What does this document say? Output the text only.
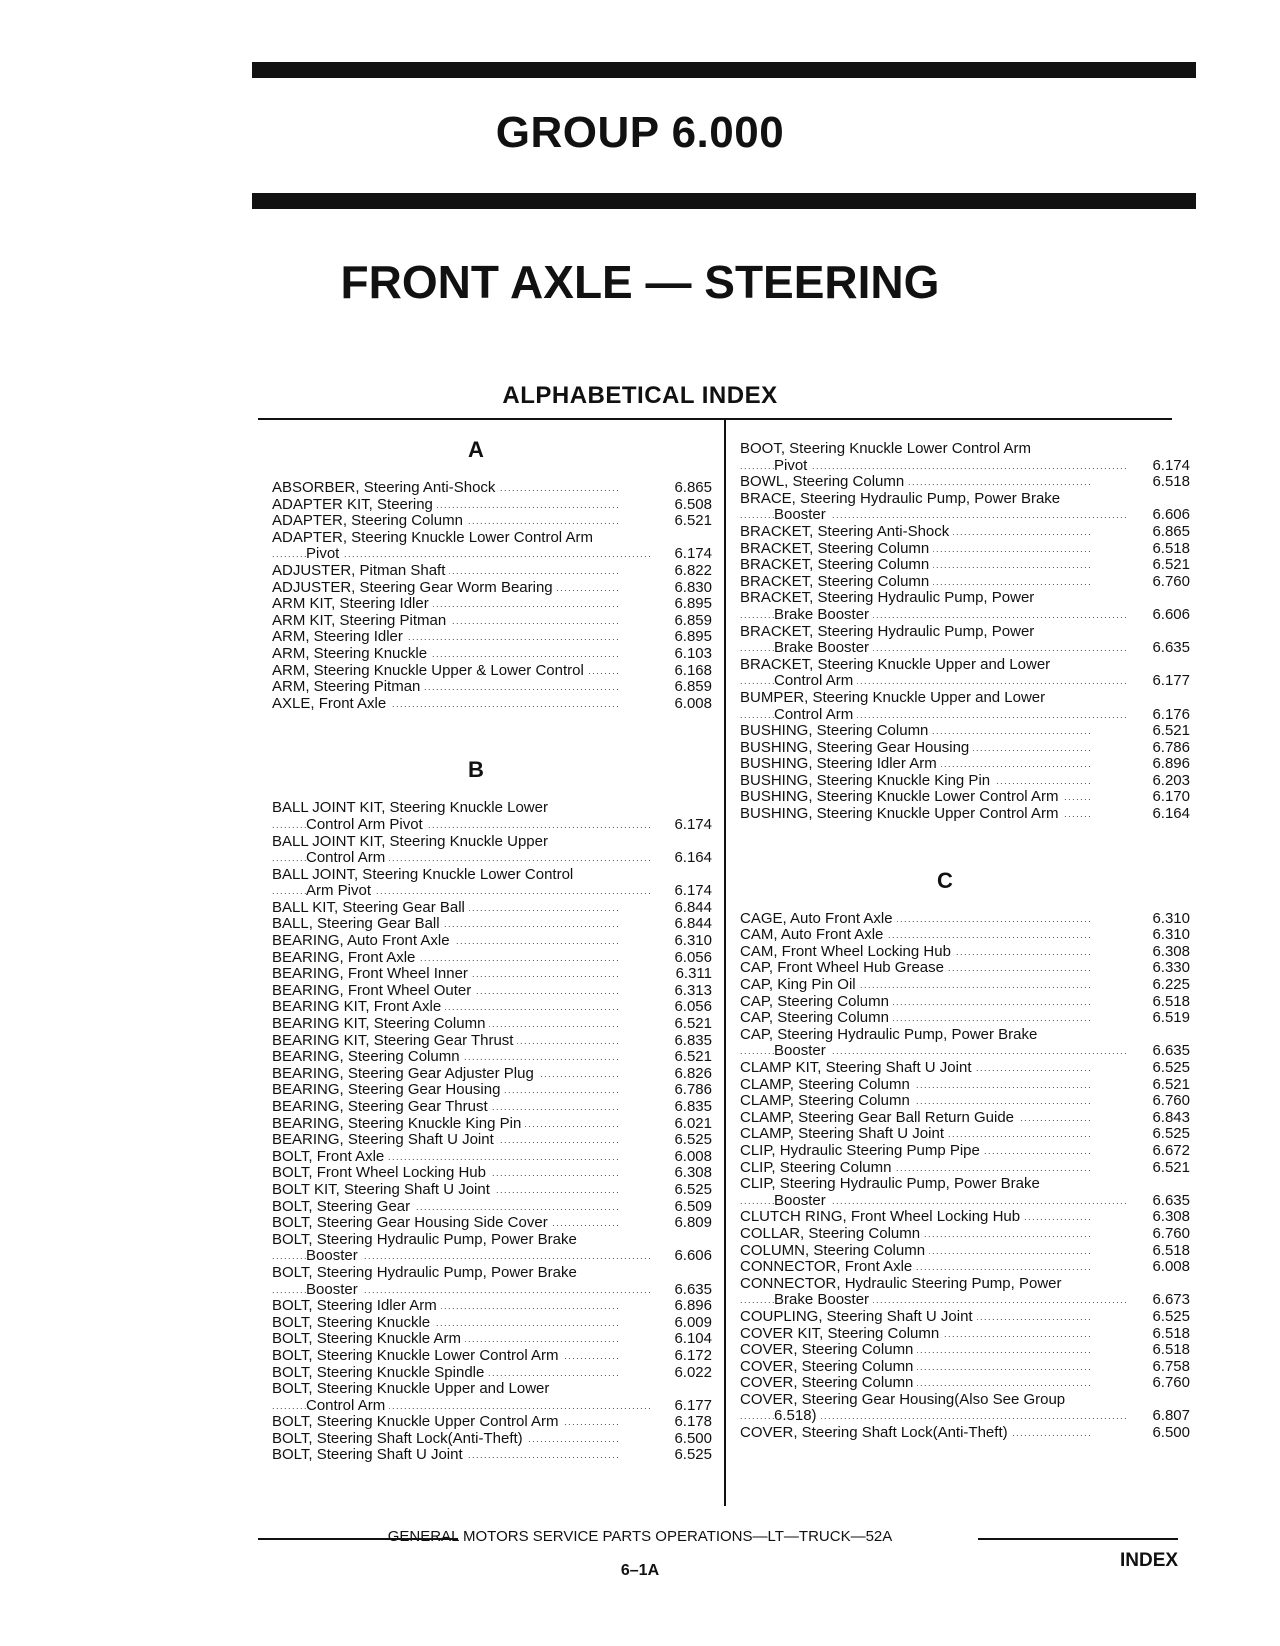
GROUP 6.000
FRONT AXLE — STEERING
ALPHABETICAL INDEX
A
ABSORBER, Steering Anti-Shock . . .	6.865
ADAPTER KIT, Steering . . .	6.508
ADAPTER, Steering Column . . .	6.521
ADAPTER, Steering Knuckle Lower Control Arm
Pivot . . .	6.174
ADJUSTER, Pitman Shaft . . .	6.822
ADJUSTER, Steering Gear Worm Bearing . . .	6.830
ARM KIT, Steering Idler . . .	6.895
ARM KIT, Steering Pitman . . .	6.859
ARM, Steering Idler . . .	6.895
ARM, Steering Knuckle . . .	6.103
ARM, Steering Knuckle Upper & Lower Control . . .	6.168
ARM, Steering Pitman . . .	6.859
AXLE, Front Axle . . .	6.008
B
BALL JOINT KIT, Steering Knuckle Lower
Control Arm Pivot . . .	6.174
BALL JOINT KIT, Steering Knuckle Upper
Control Arm . . .	6.164
BALL JOINT, Steering Knuckle Lower Control
Arm Pivot . . .	6.174
BALL KIT, Steering Gear Ball . . .	6.844
BALL, Steering Gear Ball . . .	6.844
BEARING, Auto Front Axle . . .	6.310
BEARING, Front Axle . . .	6.056
BEARING, Front Wheel Inner . . .	6.311
BEARING, Front Wheel Outer . . .	6.313
BEARING KIT, Front Axle . . .	6.056
BEARING KIT, Steering Column . . .	6.521
BEARING KIT, Steering Gear Thrust . . .	6.835
BEARING, Steering Column . . .	6.521
BEARING, Steering Gear Adjuster Plug . . .	6.826
BEARING, Steering Gear Housing . . .	6.786
BEARING, Steering Gear Thrust . . .	6.835
BEARING, Steering Knuckle King Pin . . .	6.021
BEARING, Steering Shaft U Joint . . .	6.525
BOLT, Front Axle . . .	6.008
BOLT, Front Wheel Locking Hub . . .	6.308
BOLT KIT, Steering Shaft U Joint . . .	6.525
BOLT, Steering Gear . . .	6.509
BOLT, Steering Gear Housing Side Cover . . .	6.809
BOLT, Steering Hydraulic Pump, Power Brake
Booster . . .	6.606
BOLT, Steering Hydraulic Pump, Power Brake
Booster . . .	6.635
BOLT, Steering Idler Arm . . .	6.896
BOLT, Steering Knuckle . . .	6.009
BOLT, Steering Knuckle Arm . . .	6.104
BOLT, Steering Knuckle Lower Control Arm . . .	6.172
BOLT, Steering Knuckle Spindle . . .	6.022
BOLT, Steering Knuckle Upper and Lower
Control Arm . . .	6.177
BOLT, Steering Knuckle Upper Control Arm . . .	6.178
BOLT, Steering Shaft Lock(Anti-Theft) . . .	6.500
BOLT, Steering Shaft U Joint . . .	6.525
BOOT, Steering Knuckle Lower Control Arm
Pivot . . .	6.174
BOWL, Steering Column . . .	6.518
BRACE, Steering Hydraulic Pump, Power Brake
Booster . . .	6.606
BRACKET, Steering Anti-Shock . . .	6.865
BRACKET, Steering Column . . .	6.518
BRACKET, Steering Column . . .	6.521
BRACKET, Steering Column . . .	6.760
BRACKET, Steering Hydraulic Pump, Power
Brake Booster . . .	6.606
BRACKET, Steering Hydraulic Pump, Power
Brake Booster . . .	6.635
BRACKET, Steering Knuckle Upper and Lower
Control Arm . . .	6.177
BUMPER, Steering Knuckle Upper and Lower
Control Arm . . .	6.176
BUSHING, Steering Column . . .	6.521
BUSHING, Steering Gear Housing . . .	6.786
BUSHING, Steering Idler Arm . . .	6.896
BUSHING, Steering Knuckle King Pin . . .	6.203
BUSHING, Steering Knuckle Lower Control Arm . . .	6.170
BUSHING, Steering Knuckle Upper Control Arm . . .	6.164
C
CAGE, Auto Front Axle . . .	6.310
CAM, Auto Front Axle . . .	6.310
CAM, Front Wheel Locking Hub . . .	6.308
CAP, Front Wheel Hub Grease . . .	6.330
CAP, King Pin Oil . . .	6.225
CAP, Steering Column . . .	6.518
CAP, Steering Column . . .	6.519
CAP, Steering Hydraulic Pump, Power Brake
Booster . . .	6.635
CLAMP KIT, Steering Shaft U Joint . . .	6.525
CLAMP, Steering Column . . .	6.521
CLAMP, Steering Column . . .	6.760
CLAMP, Steering Gear Ball Return Guide . . .	6.843
CLAMP, Steering Shaft U Joint . . .	6.525
CLIP, Hydraulic Steering Pump Pipe . . .	6.672
CLIP, Steering Column . . .	6.521
CLIP, Steering Hydraulic Pump, Power Brake
Booster . . .	6.635
CLUTCH RING, Front Wheel Locking Hub . . .	6.308
COLLAR, Steering Column . . .	6.760
COLUMN, Steering Column . . .	6.518
CONNECTOR, Front Axle . . .	6.008
CONNECTOR, Hydraulic Steering Pump, Power
Brake Booster . . .	6.673
COUPLING, Steering Shaft U Joint . . .	6.525
COVER KIT, Steering Column . . .	6.518
COVER, Steering Column . . .	6.518
COVER, Steering Column . . .	6.758
COVER, Steering Column . . .	6.760
COVER, Steering Gear Housing(Also See Group
6.518) . . .	6.807
COVER, Steering Shaft Lock(Anti-Theft) . . .	6.500
GENERAL MOTORS SERVICE PARTS OPERATIONS—LT—TRUCK—52A
6–1A	INDEX
